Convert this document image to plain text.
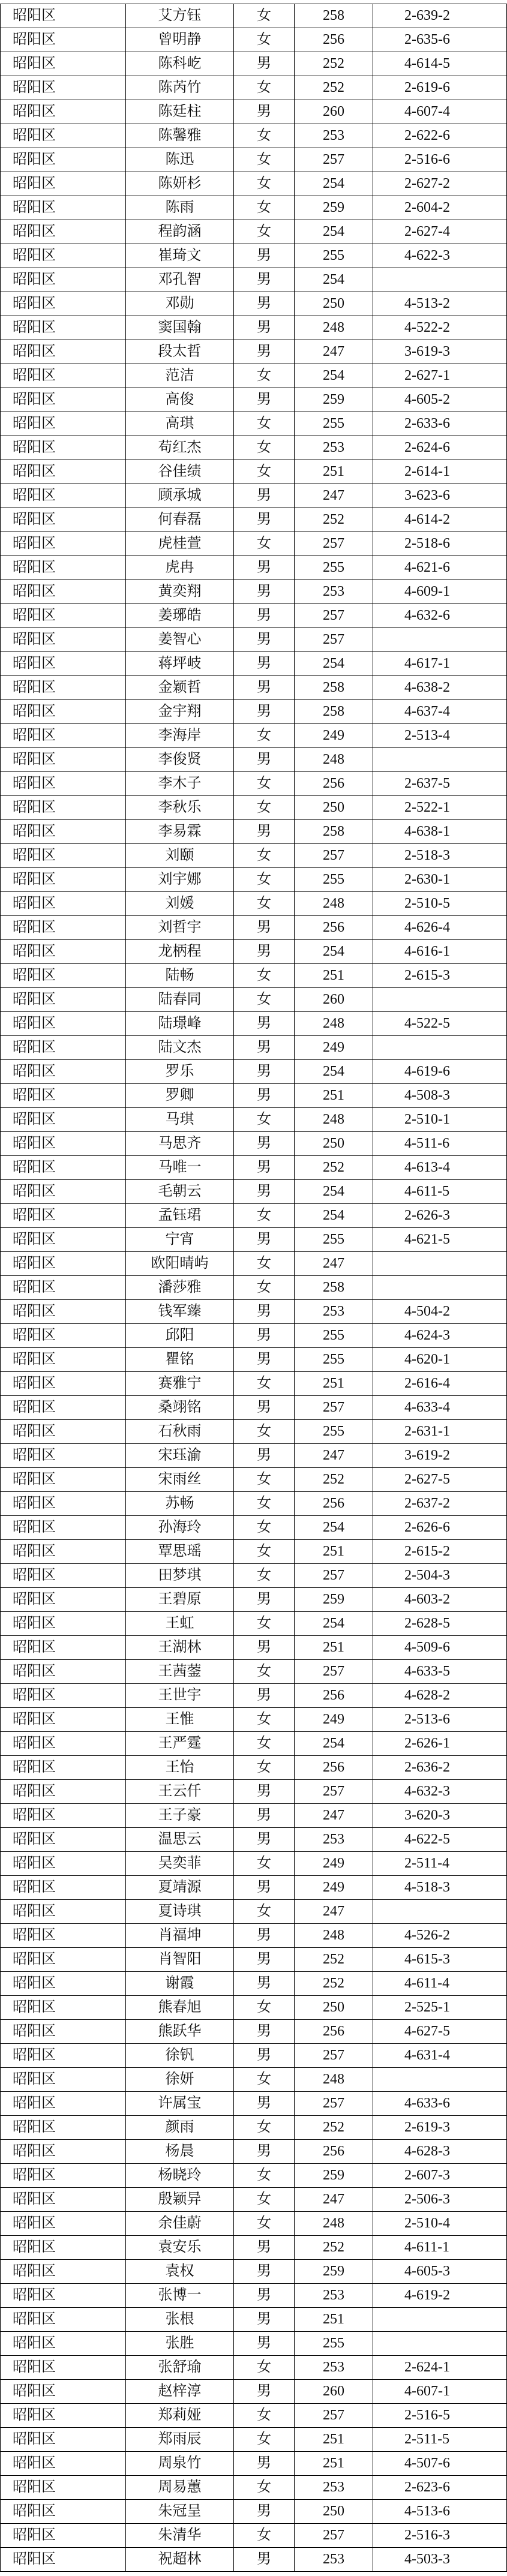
昭阳区	艾方钰	女	258	2-639-2
昭阳区	曾明静	女	256	2-635-6
昭阳区	陈科屹	男	252	4-614-5
昭阳区	陈芮竹	女	252	2-619-6
昭阳区	陈廷柱	男	260	4-607-4
昭阳区	陈馨雅	女	253	2-622-6
昭阳区	陈迅	女	257	2-516-6
昭阳区	陈妍杉	女	254	2-627-2
昭阳区	陈雨	女	259	2-604-2
昭阳区	程韵涵	女	254	2-627-4
昭阳区	崔琦文	男	255	4-622-3
昭阳区	邓孔智	男	254
昭阳区	邓勋	男	250	4-513-2
昭阳区	窦国翰	男	248	4-522-2
昭阳区	段太哲	男	247	3-619-3
昭阳区	范洁	女	254	2-627-1
昭阳区	高俊	男	259	4-605-2
昭阳区	高琪	女	255	2-633-6
昭阳区	苟红杰	女	253	2-624-6
昭阳区	谷佳绩	女	251	2-614-1
昭阳区	顾承城	男	247	3-623-6
昭阳区	何春磊	男	252	4-614-2
昭阳区	虎桂萱	女	257	2-518-6
昭阳区	虎冉	男	255	4-621-6
昭阳区	黄奕翔	男	253	4-609-1
昭阳区	姜琊皓	男	257	4-632-6
昭阳区	姜智心	男	257
昭阳区	蒋坪岐	男	254	4-617-1
昭阳区	金颖哲	男	258	4-638-2
昭阳区	金宇翔	男	258	4-637-4
昭阳区	李海岸	女	249	2-513-4
昭阳区	李俊贤	男	248
昭阳区	李木子	女	256	2-637-5
昭阳区	李秋乐	女	250	2-522-1
昭阳区	李易霖	男	258	4-638-1
昭阳区	刘颐	女	257	2-518-3
昭阳区	刘宇娜	女	255	2-630-1
昭阳区	刘媛	女	248	2-510-5
昭阳区	刘哲宇	男	256	4-626-4
昭阳区	龙柄程	男	254	4-616-1
昭阳区	陆畅	女	251	2-615-3
昭阳区	陆春同	女	260
昭阳区	陆璟峰	男	248	4-522-5
昭阳区	陆文杰	男	249
昭阳区	罗乐	男	254	4-619-6
昭阳区	罗卿	男	251	4-508-3
昭阳区	马琪	女	248	2-510-1
昭阳区	马思齐	男	250	4-511-6
昭阳区	马唯一	男	252	4-613-4
昭阳区	毛朝云	男	254	4-611-5
昭阳区	孟钰珺	女	254	2-626-3
昭阳区	宁宵	男	255	4-621-5
昭阳区	欧阳晴屿	女	247
昭阳区	潘莎雅	女	258
昭阳区	钱军臻	男	253	4-504-2
昭阳区	邱阳	男	255	4-624-3
昭阳区	瞿铭	男	255	4-620-1
昭阳区	赛雅宁	女	251	2-616-4
昭阳区	桑翊铭	男	257	4-633-4
昭阳区	石秋雨	女	255	2-631-1
昭阳区	宋珏渝	男	247	3-619-2
昭阳区	宋雨丝	女	252	2-627-5
昭阳区	苏畅	女	256	2-637-2
昭阳区	孙海玲	女	254	2-626-6
昭阳区	覃思瑶	女	251	2-615-2
昭阳区	田梦琪	女	257	2-504-3
昭阳区	王碧原	男	259	4-603-2
昭阳区	王虹	女	254	2-628-5
昭阳区	王湖林	男	251	4-509-6
昭阳区	王茜蓥	女	257	4-633-5
昭阳区	王世宇	男	256	4-628-2
昭阳区	王惟	女	249	2-513-6
昭阳区	王严霆	女	254	2-626-1
昭阳区	王怡	女	256	2-636-2
昭阳区	王云仟	男	257	4-632-3
昭阳区	王子豪	男	247	3-620-3
昭阳区	温思云	男	253	4-622-5
昭阳区	吴奕菲	女	249	2-511-4
昭阳区	夏靖源	男	249	4-518-3
昭阳区	夏诗琪	女	247
昭阳区	肖福坤	男	248	4-526-2
昭阳区	肖智阳	男	252	4-615-3
昭阳区	谢霞	男	252	4-611-4
昭阳区	熊春旭	女	250	2-525-1
昭阳区	熊跃华	男	256	4-627-5
昭阳区	徐钒	男	257	4-631-4
昭阳区	徐妍	女	248
昭阳区	许属宝	男	257	4-633-6
昭阳区	颜雨	女	252	2-619-3
昭阳区	杨晨	男	256	4-628-3
昭阳区	杨晓玲	女	259	2-607-3
昭阳区	殷颖异	女	247	2-506-3
昭阳区	余佳蔚	女	248	2-510-4
昭阳区	袁安乐	男	252	4-611-1
昭阳区	袁权	男	259	4-605-3
昭阳区	张博一	男	253	4-619-2
昭阳区	张根	男	251
昭阳区	张胜	男	255
昭阳区	张舒瑜	女	253	2-624-1
昭阳区	赵梓淳	男	260	4-607-1
昭阳区	郑莉娅	女	257	2-516-5
昭阳区	郑雨辰	女	251	2-511-5
昭阳区	周泉竹	男	251	4-507-6
昭阳区	周易蕙	女	253	2-623-6
昭阳区	朱冠呈	男	250	4-513-6
昭阳区	朱清华	女	257	2-516-3
昭阳区	祝超林	男	253	4-503-3
